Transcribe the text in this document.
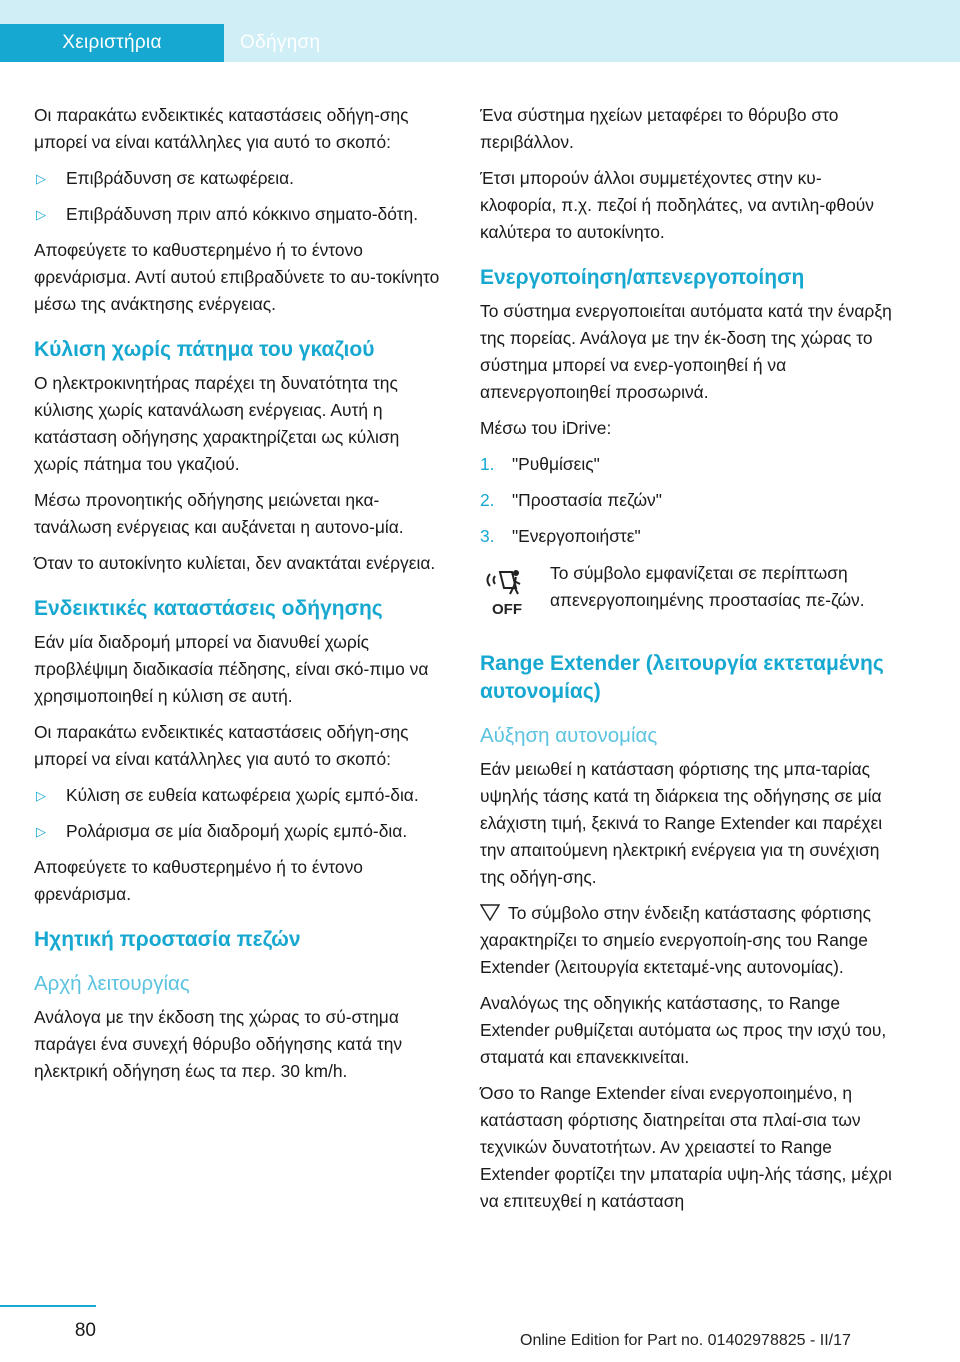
Χειριστήρια	Οδήγηση

Οι παρακάτω ενδεικτικές καταστάσεις οδήγη-σης μπορεί να είναι κατάλληλες για αυτό το σκοπό:

▷ Επιβράδυνση σε κατωφέρεια.
▷ Επιβράδυνση πριν από κόκκινο σηματο-δότη.

Αποφεύγετε το καθυστερημένο ή το έντονο φρενάρισμα. Αντί αυτού επιβραδύνετε το αυ-τοκίνητο μέσω της ανάκτησης ενέργειας.

Κύλιση χωρίς πάτημα του γκαζιού

Ο ηλεκτροκινητήρας παρέχει τη δυνατότητα της κύλισης χωρίς κατανάλωση ενέργειας. Αυτή η κατάσταση οδήγησης χαρακτηρίζεται ως κύλιση χωρίς πάτημα του γκαζιού.

Μέσω προνοητικής οδήγησης μειώνεται ηκα-τανάλωση ενέργειας και αυξάνεται η αυτονο-μία.

Όταν το αυτοκίνητο κυλίεται, δεν ανακτάται ενέργεια.

Ενδεικτικές καταστάσεις οδήγησης

Εάν μία διαδρομή μπορεί να διανυθεί χωρίς προβλέψιμη διαδικασία πέδησης, είναι σκό-πιμο να χρησιμοποιηθεί η κύλιση σε αυτή.

Οι παρακάτω ενδεικτικές καταστάσεις οδήγη-σης μπορεί να είναι κατάλληλες για αυτό το σκοπό:

▷ Κύλιση σε ευθεία κατωφέρεια χωρίς εμπό-δια.
▷ Ρολάρισμα σε μία διαδρομή χωρίς εμπό-δια.

Αποφεύγετε το καθυστερημένο ή το έντονο φρενάρισμα.

Ηχητική προστασία πεζών
Αρχή λειτουργίας

Ανάλογα με την έκδοση της χώρας το σύ-στημα παράγει ένα συνεχή θόρυβο οδήγησης κατά την ηλεκτρική οδήγηση έως τα περ. 30 km/h.

Ένα σύστημα ηχείων μεταφέρει το θόρυβο στο περιβάλλον.

Έτσι μπορούν άλλοι συμμετέχοντες στην κυ-κλοφορία, π.χ. πεζοί ή ποδηλάτες, να αντιλη-φθούν καλύτερα το αυτοκίνητο.

Ενεργοποίηση/απενεργοποίηση

Το σύστημα ενεργοποιείται αυτόματα κατά την έναρξη της πορείας. Ανάλογα με την έκ-δοση της χώρας το σύστημα μπορεί να ενερ-γοποιηθεί ή να απενεργοποιηθεί προσωρινά.

Μέσω του iDrive:

1. "Ρυθμίσεις"
2. "Προστασία πεζών"
3. "Ενεργοποιήστε"
OFF
Το σύμβολο εμφανίζεται σε περίπτωση απενεργοποιημένης προστασίας πε-ζών.
Range Extender (λειτουργία εκτεταμένης αυτονομίας)
Αύξηση αυτονομίας

Εάν μειωθεί η κατάσταση φόρτισης της μπα-ταρίας υψηλής τάσης κατά τη διάρκεια της οδήγησης σε μία ελάχιστη τιμή, ξεκινά το Range Extender και παρέχει την απαιτούμενη ηλεκτρική ενέργεια για τη συνέχιση της οδήγη-σης.

Το σύμβολο στην ένδειξη κατάστασης φόρτισης χαρακτηρίζει το σημείο ενεργοποίη-σης του Range Extender (λειτουργία εκτεταμέ-νης αυτονομίας).

Αναλόγως της οδηγικής κατάστασης, το Range Extender ρυθμίζεται αυτόματα ως προς την ισχύ του, σταματά και επανεκκινείται.

Όσο το Range Extender είναι ενεργοποιημένο, η κατάσταση φόρτισης διατηρείται στα πλαί-σια των τεχνικών δυνατοτήτων. Αν χρειαστεί το Range Extender φορτίζει την μπαταρία υψη-λής τάσης, μέχρι να επιτευχθεί η κατάσταση

80	Online Edition for Part no. 01402978825 - II/17
